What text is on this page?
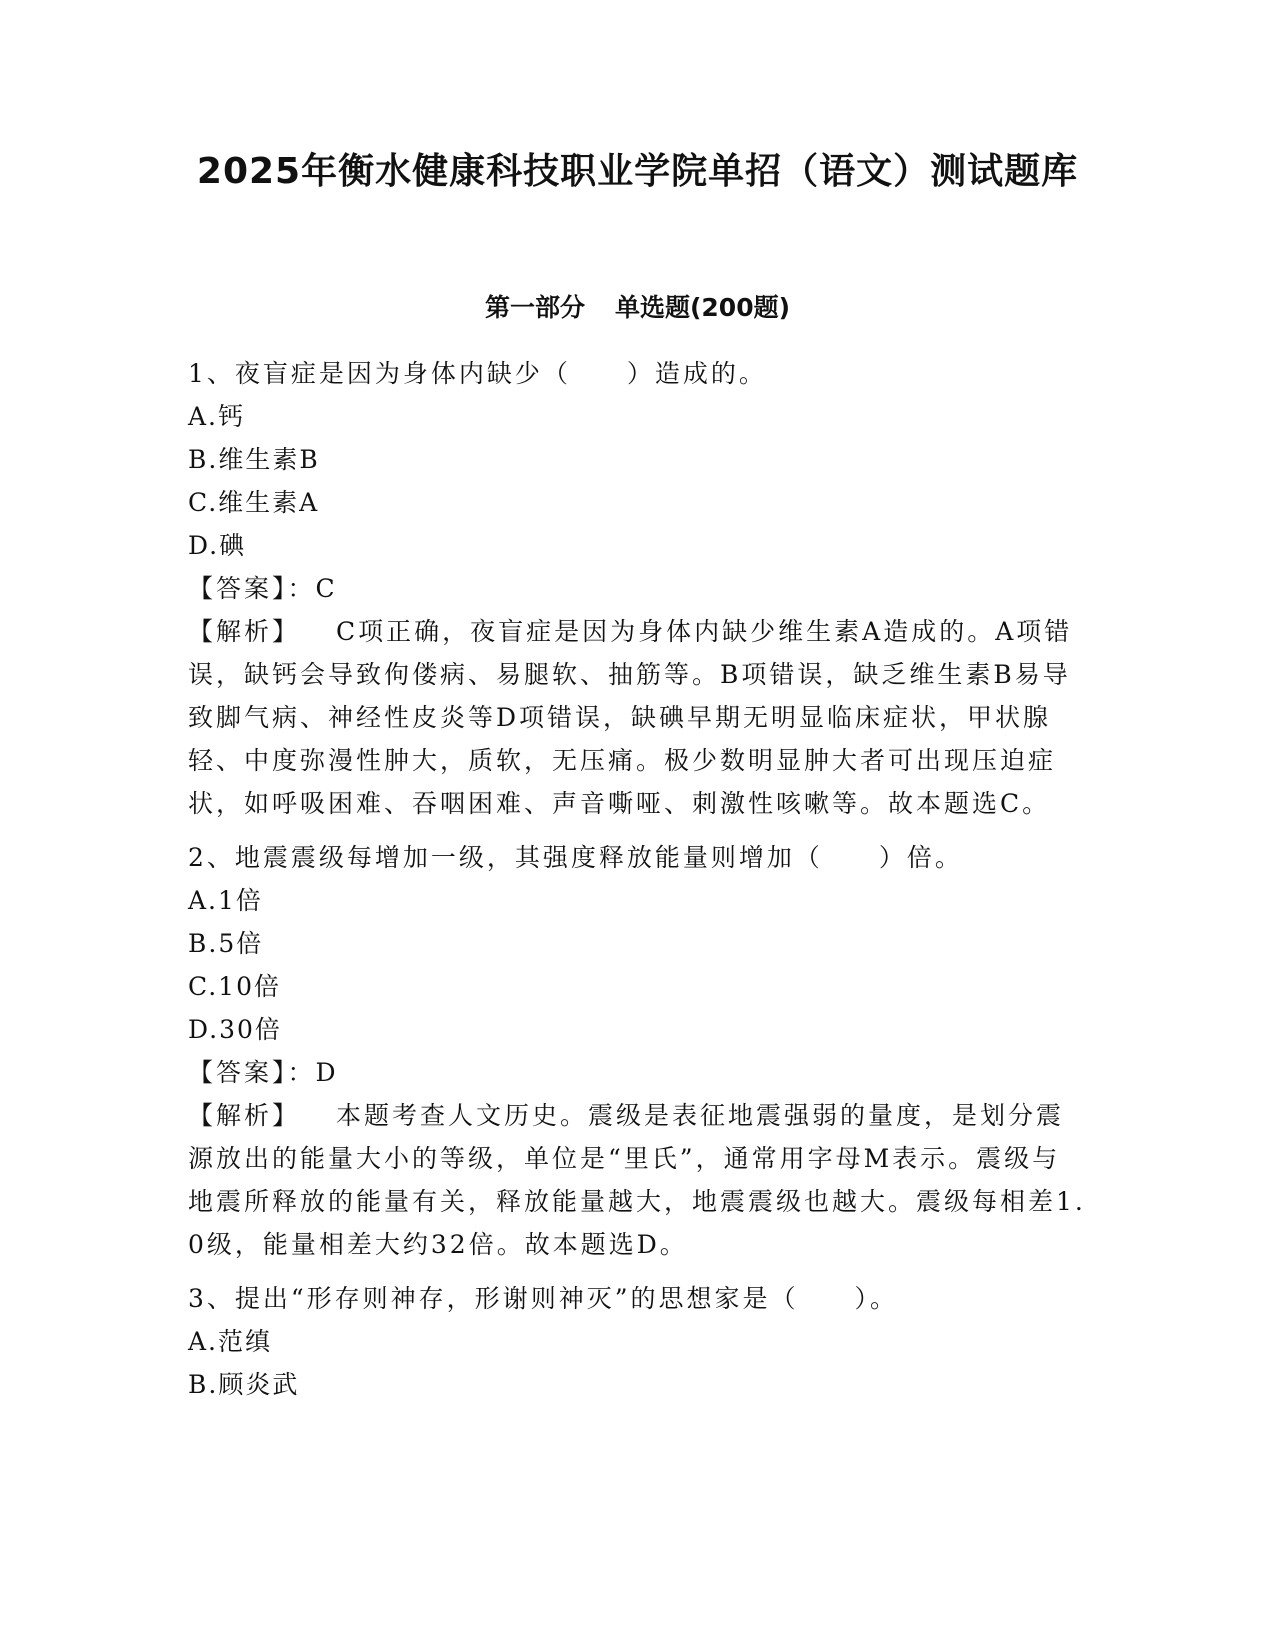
2025年衡水健康科技职业学院单招（语文）测试题库
第一部分 单选题(200题)

1、夜盲症是因为身体内缺少（　　）造成的。

A.钙

B.维生素B

C.维生素A

D.碘

【答案】：C

【解析】 C项正确，夜盲症是因为身体内缺少维生素A造成的。A项错误，缺钙会导致佝偻病、易腿软、抽筋等。B项错误，缺乏维生素B易导致脚气病、神经性皮炎等D项错误，缺碘早期无明显临床症状，甲状腺轻、中度弥漫性肿大，质软，无压痛。极少数明显肿大者可出现压迫症状，如呼吸困难、吞咽困难、声音嘶哑、刺激性咳嗽等。故本题选C。

2、地震震级每增加一级，其强度释放能量则增加（　　）倍。

A.1倍

B.5倍

C.10倍

D.30倍

【答案】：D

【解析】 本题考查人文历史。震级是表征地震强弱的量度，是划分震源放出的能量大小的等级，单位是“里氏”，通常用字母M表示。震级与地震所释放的能量有关，释放能量越大，地震震级也越大。震级每相差1.0级，能量相差大约32倍。故本题选D。

3、提出“形存则神存，形谢则神灭”的思想家是（　　）。

A.范缜

B.顾炎武
